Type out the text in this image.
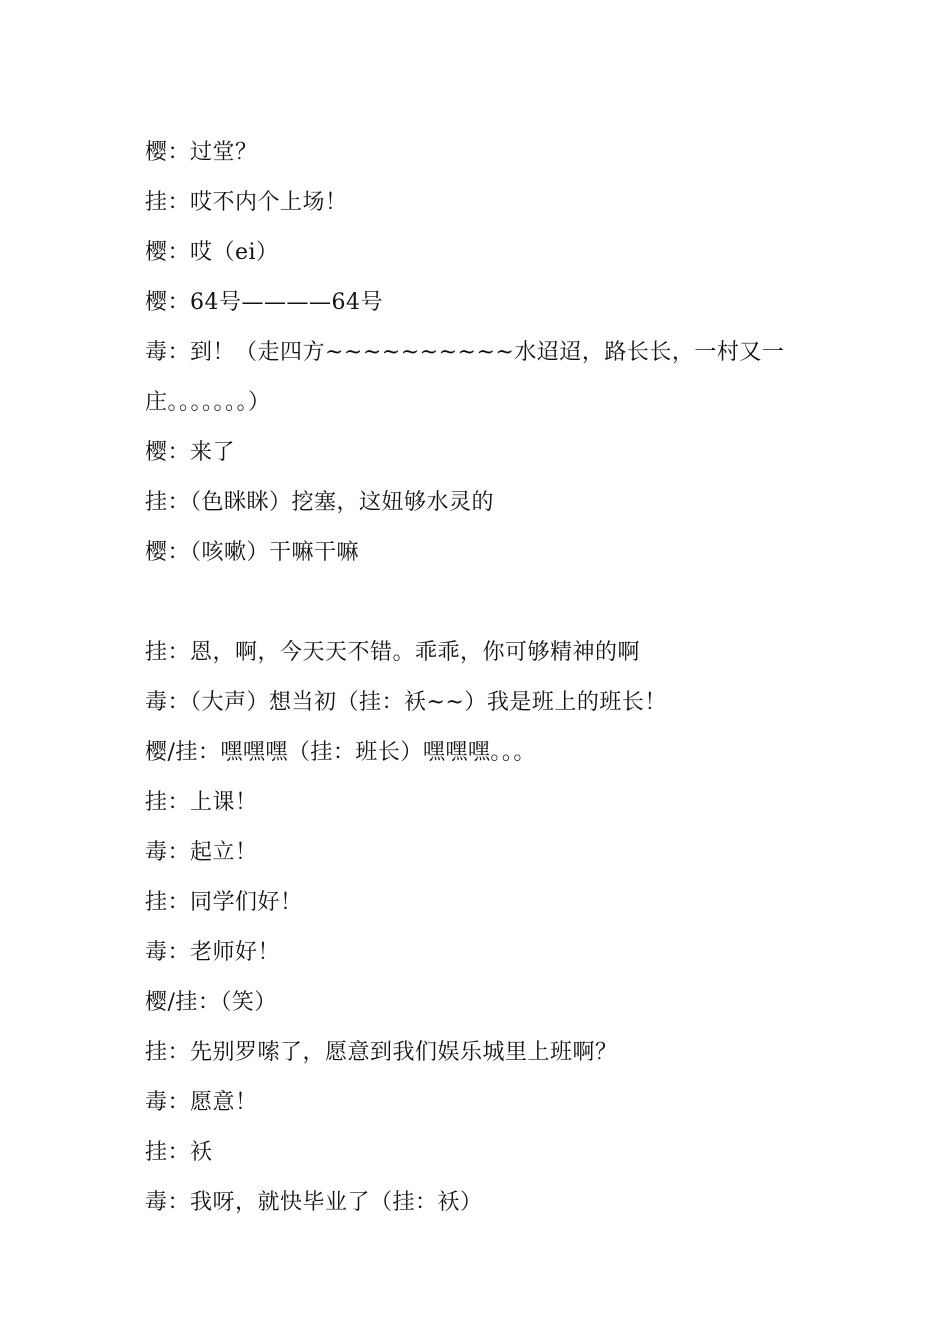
樱：过堂？
挂：哎不内个上场！
樱：哎（ei）
樱：64号————64号
毒：到！（走四方~~~~~~~~~~水迢迢，路长长，一村又一
庄。。。。。。。）
樱：来了
挂：（色眯眯）挖塞，这妞够水灵的
樱：（咳嗽）干嘛干嘛
挂：恩，啊，今天天不错。乖乖，你可够精神的啊
毒：（大声）想当初（挂：袄~~）我是班上的班长！
樱/挂：嘿嘿嘿（挂：班长）嘿嘿嘿。。。
挂：上课！
毒：起立！
挂：同学们好！
毒：老师好！
樱/挂：（笑）
挂：先别罗嗦了，愿意到我们娱乐城里上班啊？
毒：愿意！
挂：袄
毒：我呀，就快毕业了（挂：袄）
